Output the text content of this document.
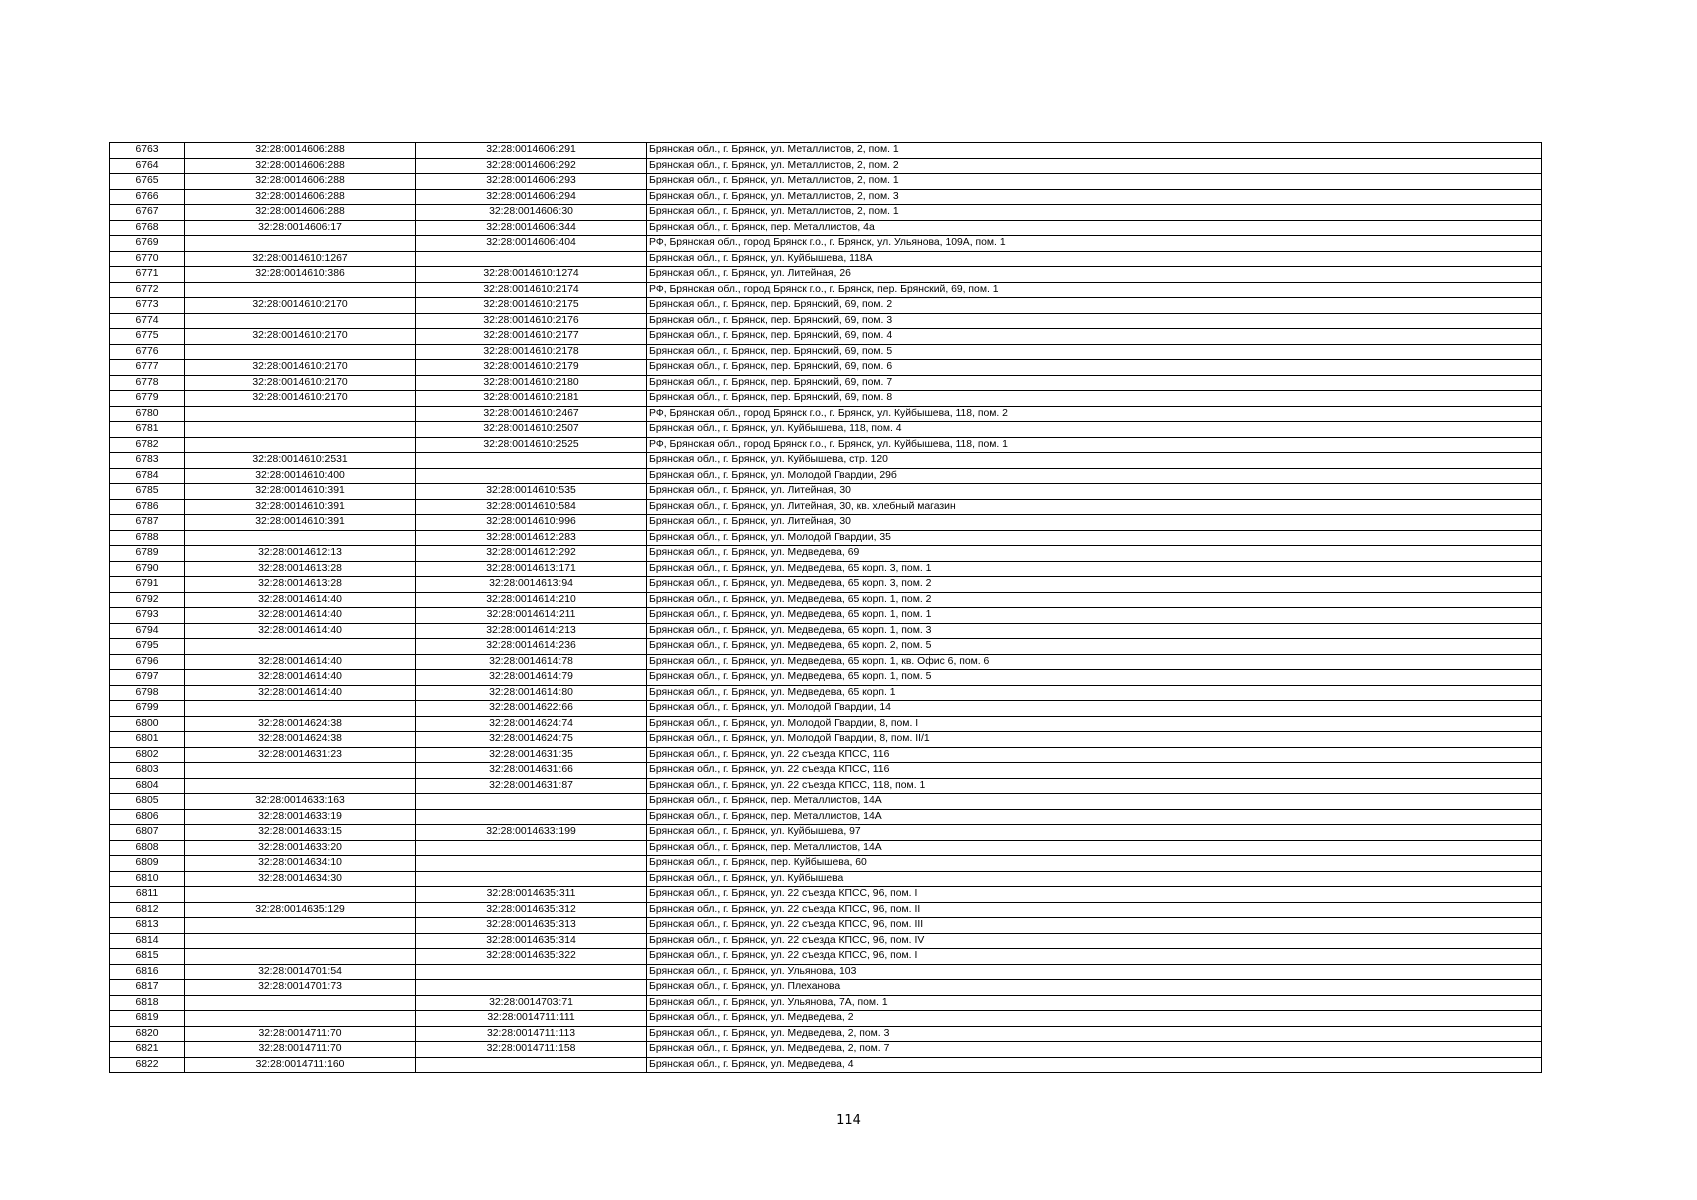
6763	32:28:0014606:288	32:28:0014606:291	Брянская обл., г. Брянск, ул. Металлистов, 2, пом. 1
6764	32:28:0014606:288	32:28:0014606:292	Брянская обл., г. Брянск, ул. Металлистов, 2, пом. 2
6765	32:28:0014606:288	32:28:0014606:293	Брянская обл., г. Брянск, ул. Металлистов, 2, пом. 1
6766	32:28:0014606:288	32:28:0014606:294	Брянская обл., г. Брянск, ул. Металлистов, 2, пом. 3
6767	32:28:0014606:288	32:28:0014606:30	Брянская обл., г. Брянск, ул. Металлистов, 2, пом. 1
6768	32:28:0014606:17	32:28:0014606:344	Брянская обл., г. Брянск, пер. Металлистов, 4а
6769		32:28:0014606:404	РФ, Брянская обл., город Брянск г.о., г. Брянск, ул. Ульянова, 109А, пом. 1
6770	32:28:0014610:1267		Брянская обл., г. Брянск, ул. Куйбышева, 118А
6771	32:28:0014610:386	32:28:0014610:1274	Брянская обл., г. Брянск, ул. Литейная, 26
6772		32:28:0014610:2174	РФ, Брянская обл., город Брянск г.о., г. Брянск, пер. Брянский, 69, пом. 1
6773	32:28:0014610:2170	32:28:0014610:2175	Брянская обл., г. Брянск, пер. Брянский, 69, пом. 2
6774		32:28:0014610:2176	Брянская обл., г. Брянск, пер. Брянский, 69, пом. 3
6775	32:28:0014610:2170	32:28:0014610:2177	Брянская обл., г. Брянск, пер. Брянский, 69, пом. 4
6776		32:28:0014610:2178	Брянская обл., г. Брянск, пер. Брянский, 69, пом. 5
6777	32:28:0014610:2170	32:28:0014610:2179	Брянская обл., г. Брянск, пер. Брянский, 69, пом. 6
6778	32:28:0014610:2170	32:28:0014610:2180	Брянская обл., г. Брянск, пер. Брянский, 69, пом. 7
6779	32:28:0014610:2170	32:28:0014610:2181	Брянская обл., г. Брянск, пер. Брянский, 69, пом. 8
6780		32:28:0014610:2467	РФ, Брянская обл., город Брянск г.о., г. Брянск, ул. Куйбышева, 118, пом. 2
6781		32:28:0014610:2507	Брянская обл., г. Брянск, ул. Куйбышева, 118, пом. 4
6782		32:28:0014610:2525	РФ, Брянская обл., город Брянск г.о., г. Брянск, ул. Куйбышева, 118, пом. 1
6783	32:28:0014610:2531		Брянская обл., г. Брянск, ул. Куйбышева, стр. 120
6784	32:28:0014610:400		Брянская обл., г. Брянск, ул. Молодой Гвардии, 29б
6785	32:28:0014610:391	32:28:0014610:535	Брянская обл., г. Брянск, ул. Литейная, 30
6786	32:28:0014610:391	32:28:0014610:584	Брянская обл., г. Брянск, ул. Литейная, 30, кв. хлебный магазин
6787	32:28:0014610:391	32:28:0014610:996	Брянская обл., г. Брянск, ул. Литейная, 30
6788		32:28:0014612:283	Брянская обл., г. Брянск, ул. Молодой Гвардии, 35
6789	32:28:0014612:13	32:28:0014612:292	Брянская обл., г. Брянск, ул. Медведева, 69
6790	32:28:0014613:28	32:28:0014613:171	Брянская обл., г. Брянск, ул. Медведева, 65 корп. 3, пом. 1
6791	32:28:0014613:28	32:28:0014613:94	Брянская обл., г. Брянск, ул. Медведева, 65 корп. 3, пом. 2
6792	32:28:0014614:40	32:28:0014614:210	Брянская обл., г. Брянск, ул. Медведева, 65 корп. 1, пом. 2
6793	32:28:0014614:40	32:28:0014614:211	Брянская обл., г. Брянск, ул. Медведева, 65 корп. 1, пом. 1
6794	32:28:0014614:40	32:28:0014614:213	Брянская обл., г. Брянск, ул. Медведева, 65 корп. 1, пом. 3
6795		32:28:0014614:236	Брянская обл., г. Брянск, ул. Медведева, 65 корп. 2, пом. 5
6796	32:28:0014614:40	32:28:0014614:78	Брянская обл., г. Брянск, ул. Медведева, 65 корп. 1, кв. Офис 6, пом. 6
6797	32:28:0014614:40	32:28:0014614:79	Брянская обл., г. Брянск, ул. Медведева, 65 корп. 1, пом. 5
6798	32:28:0014614:40	32:28:0014614:80	Брянская обл., г. Брянск, ул. Медведева, 65 корп. 1
6799		32:28:0014622:66	Брянская обл., г. Брянск, ул. Молодой Гвардии, 14
6800	32:28:0014624:38	32:28:0014624:74	Брянская обл., г. Брянск, ул. Молодой Гвардии, 8, пом. I
6801	32:28:0014624:38	32:28:0014624:75	Брянская обл., г. Брянск, ул. Молодой Гвардии, 8, пом. II/1
6802	32:28:0014631:23	32:28:0014631:35	Брянская обл., г. Брянск, ул. 22 съезда КПСС, 116
6803		32:28:0014631:66	Брянская обл., г. Брянск, ул. 22 съезда КПСС, 116
6804		32:28:0014631:87	Брянская обл., г. Брянск, ул. 22 съезда КПСС, 118, пом. 1
6805	32:28:0014633:163		Брянская обл., г. Брянск, пер. Металлистов, 14А
6806	32:28:0014633:19		Брянская обл., г. Брянск, пер. Металлистов, 14А
6807	32:28:0014633:15	32:28:0014633:199	Брянская обл., г. Брянск, ул. Куйбышева, 97
6808	32:28:0014633:20		Брянская обл., г. Брянск, пер. Металлистов, 14А
6809	32:28:0014634:10		Брянская обл., г. Брянск, пер. Куйбышева, 60
6810	32:28:0014634:30		Брянская обл., г. Брянск, ул. Куйбышева
6811		32:28:0014635:311	Брянская обл., г. Брянск, ул. 22 съезда КПСС, 96, пом. I
6812	32:28:0014635:129	32:28:0014635:312	Брянская обл., г. Брянск, ул. 22 съезда КПСС, 96, пом. II
6813		32:28:0014635:313	Брянская обл., г. Брянск, ул. 22 съезда КПСС, 96, пом. III
6814		32:28:0014635:314	Брянская обл., г. Брянск, ул. 22 съезда КПСС, 96, пом. IV
6815		32:28:0014635:322	Брянская обл., г. Брянск, ул. 22 съезда КПСС, 96, пом. I
6816	32:28:0014701:54		Брянская обл., г. Брянск, ул. Ульянова, 103
6817	32:28:0014701:73		Брянская обл., г. Брянск, ул. Плеханова
6818		32:28:0014703:71	Брянская обл., г. Брянск, ул. Ульянова, 7А, пом. 1
6819		32:28:0014711:111	Брянская обл., г. Брянск, ул. Медведева, 2
6820	32:28:0014711:70	32:28:0014711:113	Брянская обл., г. Брянск, ул. Медведева, 2, пом. 3
6821	32:28:0014711:70	32:28:0014711:158	Брянская обл., г. Брянск, ул. Медведева, 2, пом. 7
6822	32:28:0014711:160		Брянская обл., г. Брянск, ул. Медведева, 4
114
